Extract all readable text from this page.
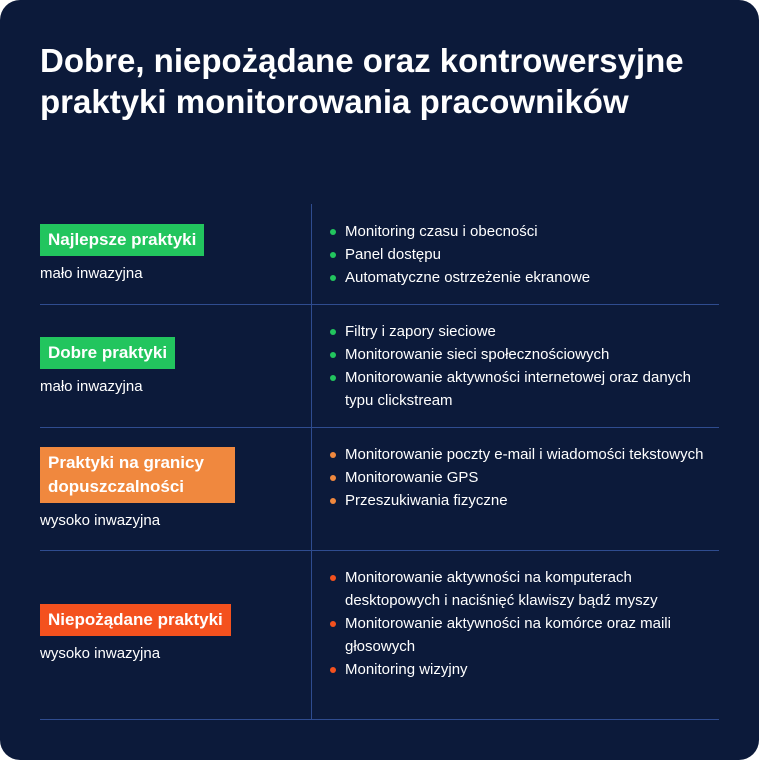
Dobre, niepożądane oraz kontrowersyjne praktyki monitorowania pracowników
Najlepsze praktyki
mało inwazyjna
Monitoring czasu i obecności
Panel dostępu
Automatyczne ostrzeżenie ekranowe
Dobre praktyki
mało inwazyjna
Filtry i zapory sieciowe
Monitorowanie sieci społecznościowych
Monitorowanie aktywności internetowej oraz danych typu clickstream
Praktyki na granicy dopuszczalności
wysoko inwazyjna
Monitorowanie poczty e-mail i wiadomości tekstowych
Monitorowanie GPS
Przeszukiwania fizyczne
Niepożądane praktyki
wysoko inwazyjna
Monitorowanie aktywności na komputerach desktopowych i naciśnięć klawiszy bądź myszy
Monitorowanie aktywności na komórce oraz maili głosowych
Monitoring wizyjny
